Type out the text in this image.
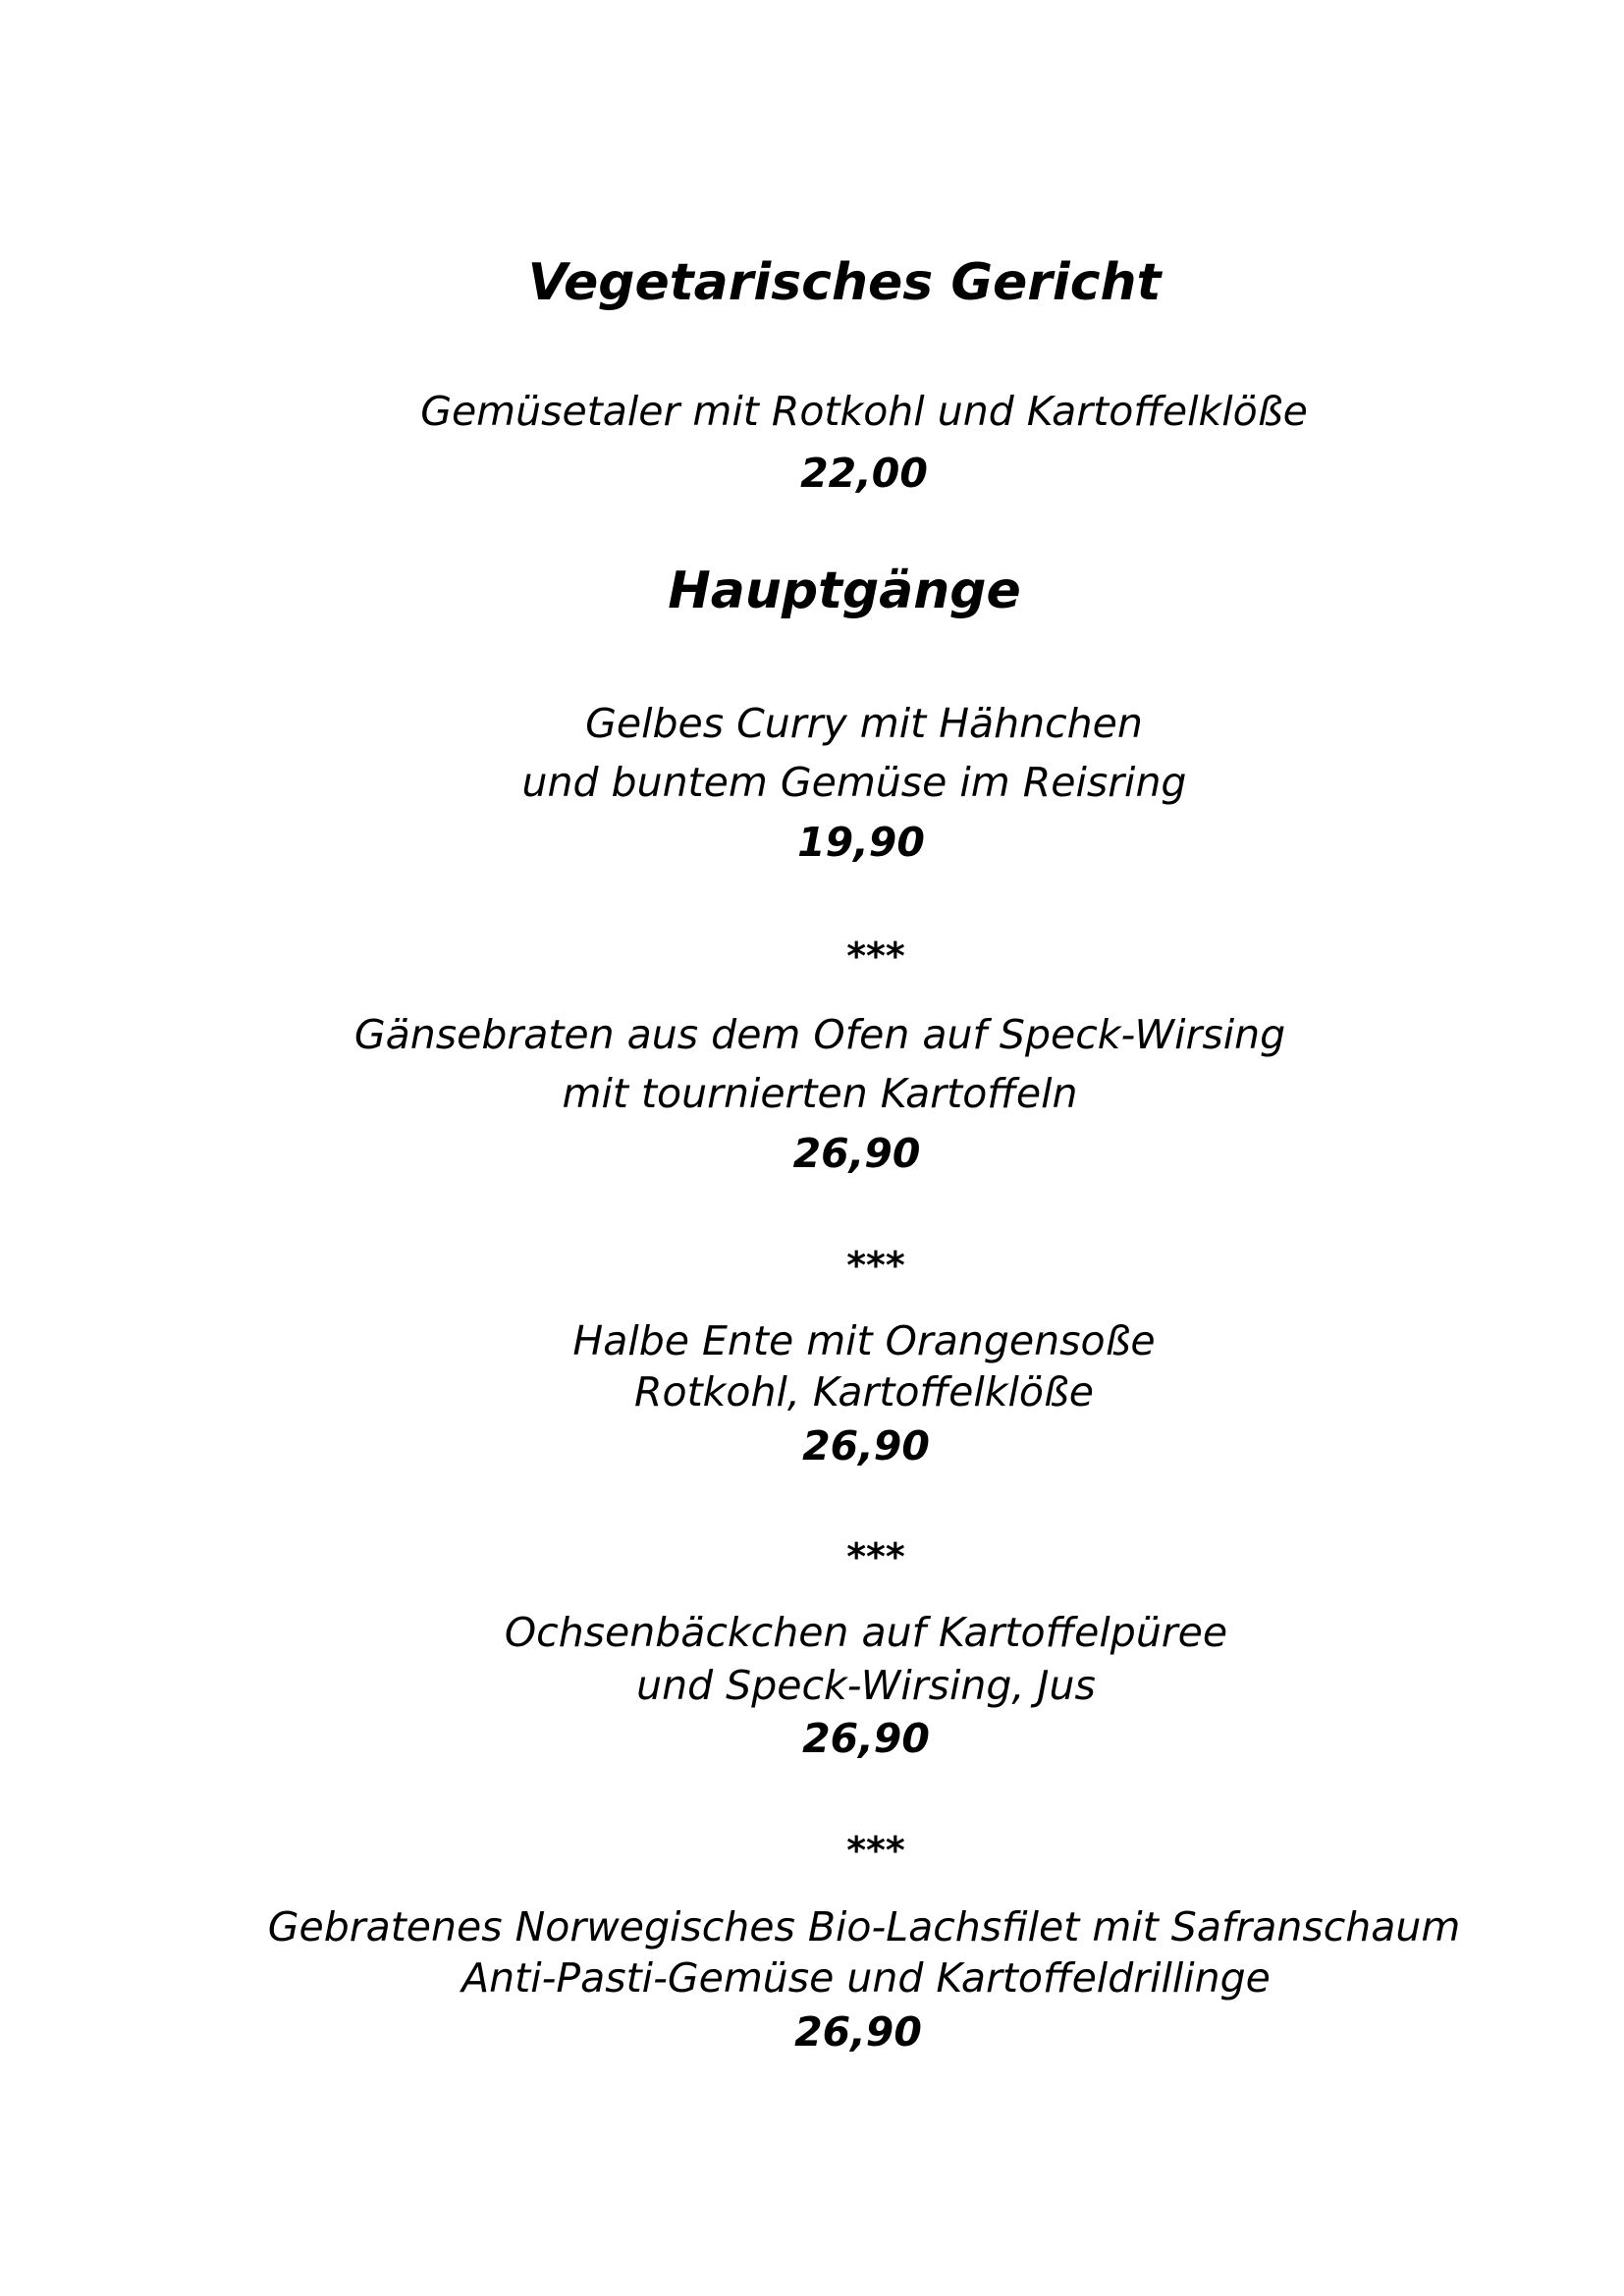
Vegetarisches Gericht
Gemüsetaler mit Rotkohl und Kartoffelklöße
22,00
Hauptgänge
Gelbes Curry mit Hähnchen
und buntem Gemüse im Reisring
19,90
***
Gänsebraten aus dem Ofen auf Speck-Wirsing
mit tournierten Kartoffeln
26,90
***
Halbe Ente mit Orangensoße
Rotkohl, Kartoffelklöße
26,90
***
Ochsenbäckchen auf Kartoffelpüree
und Speck-Wirsing, Jus
26,90
***
Gebratenes Norwegisches Bio-Lachsfilet mit Safranschaum
Anti-Pasti-Gemüse und Kartoffeldrillinge
26,90
